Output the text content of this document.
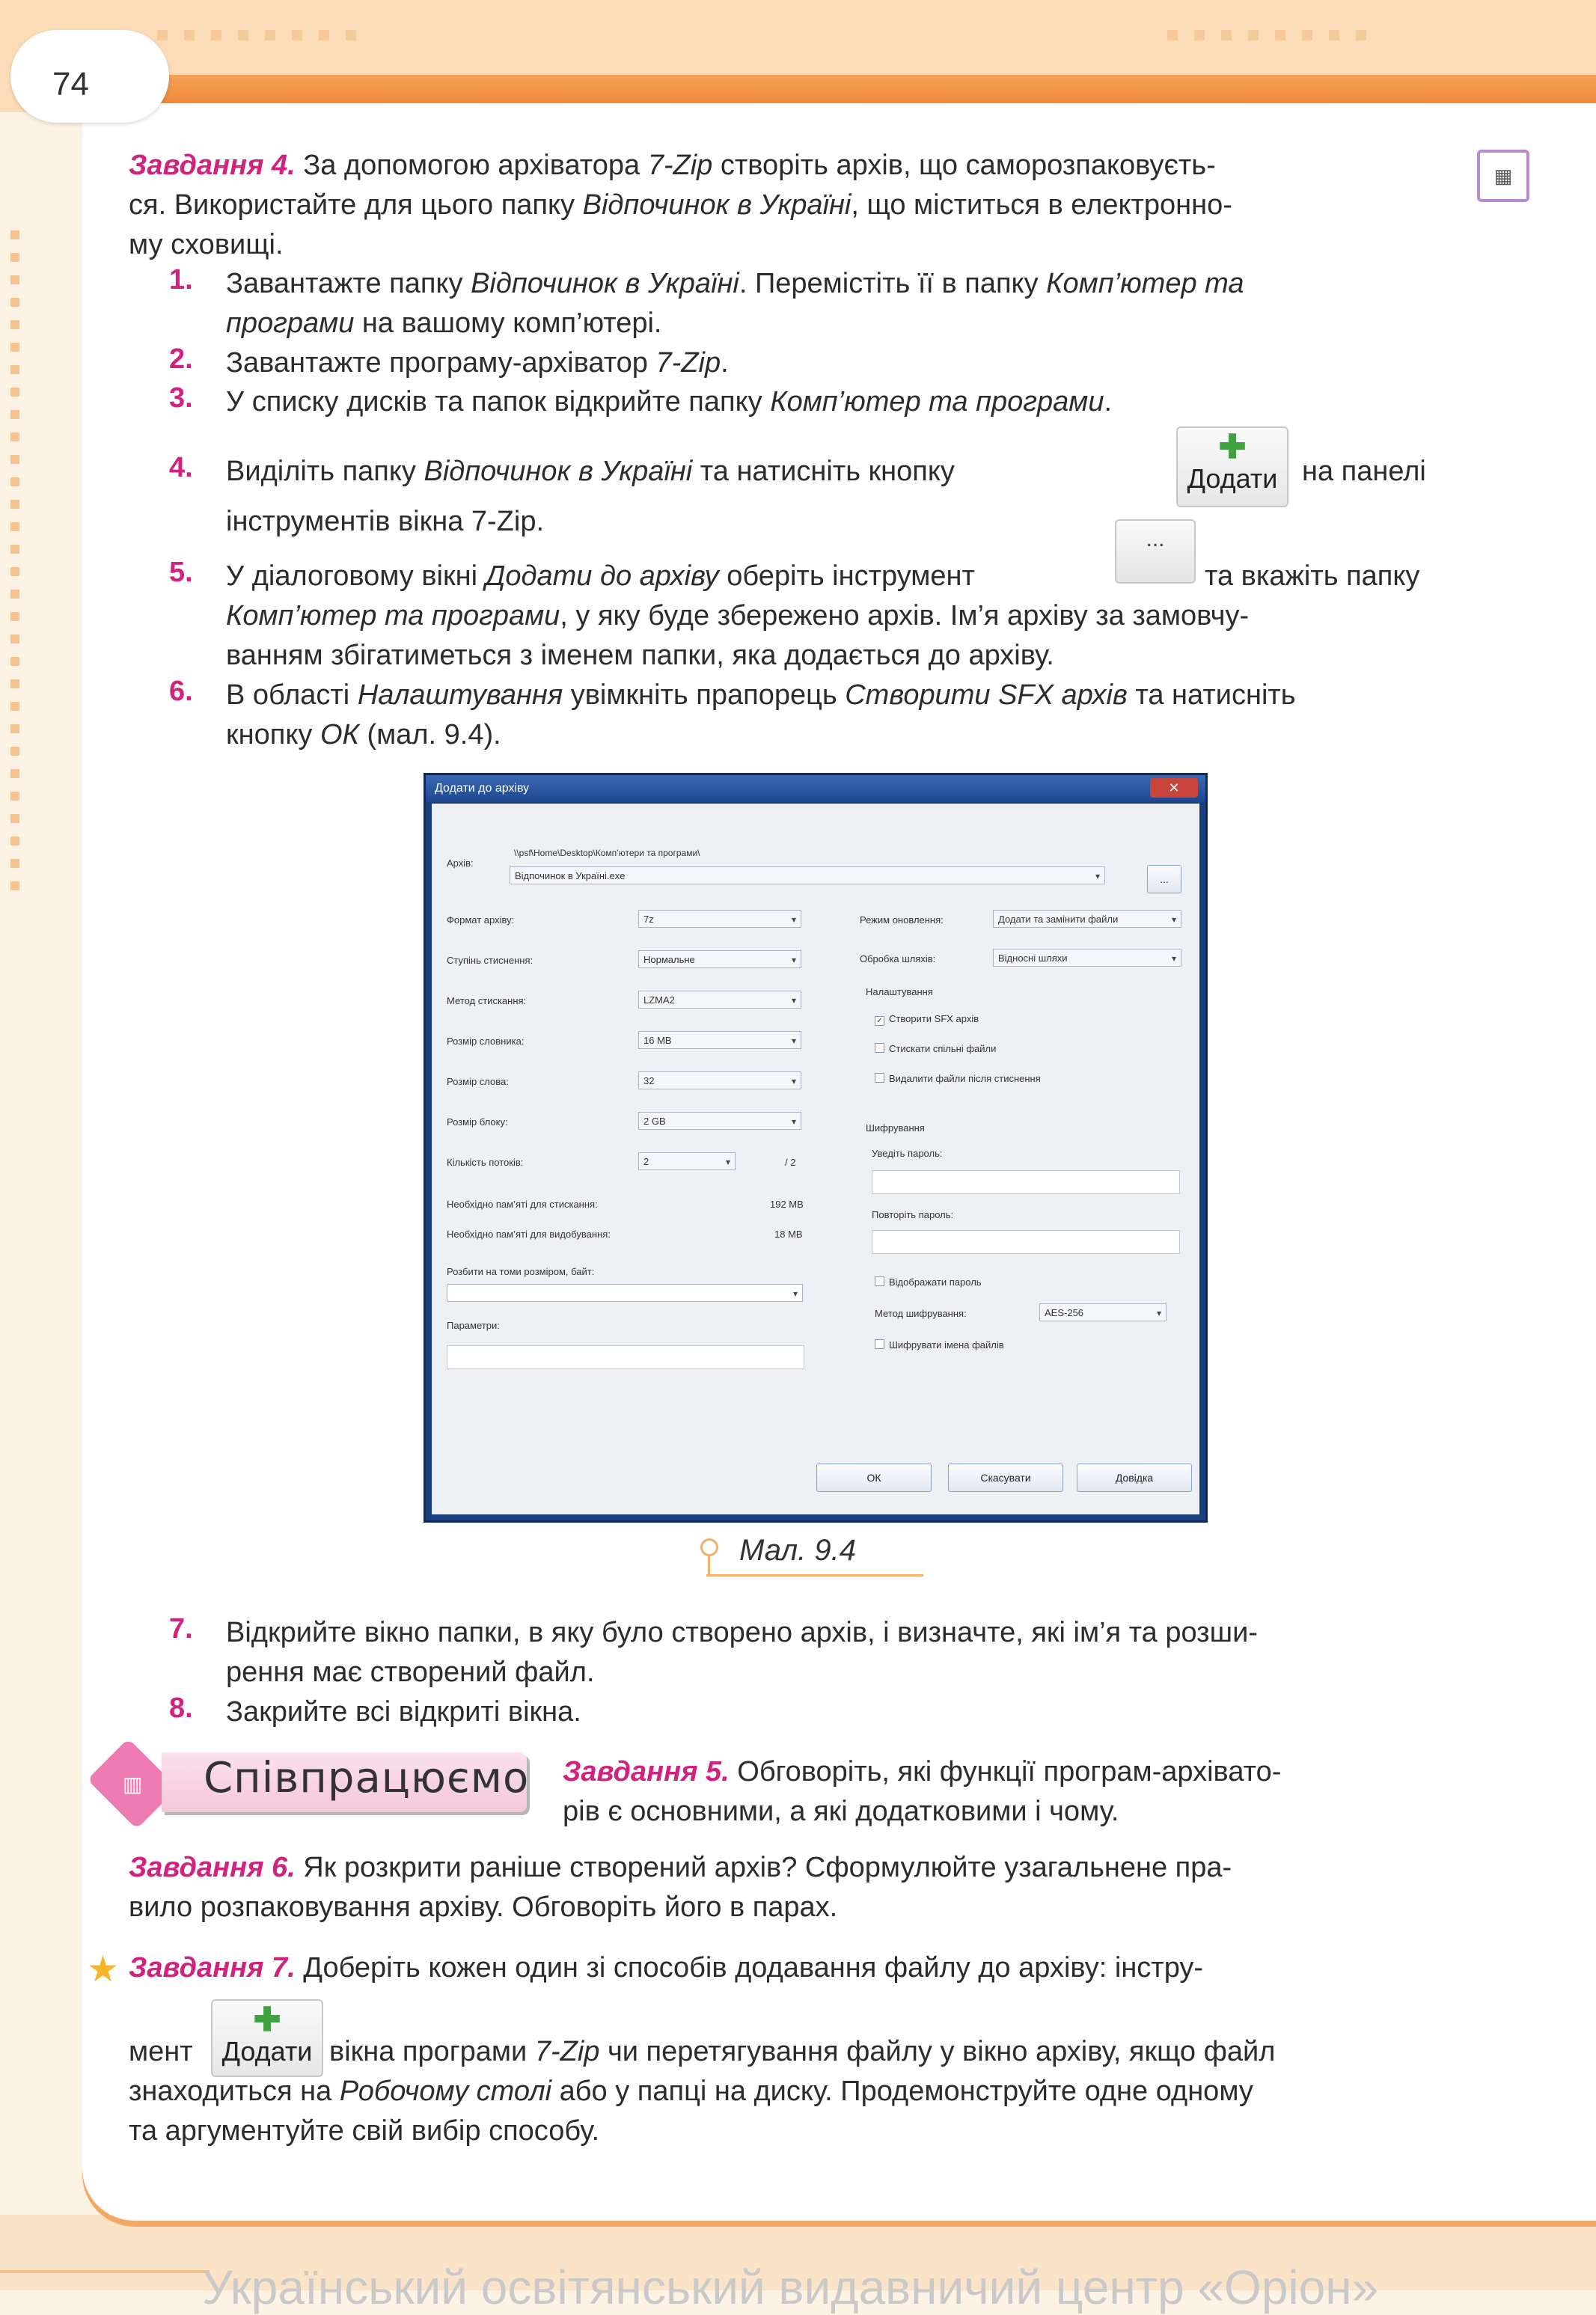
74
▦
Завдання 4. За допомогою архіватора 7-Zip створіть архів, що саморозпаковуєть-
ся. Використайте для цього папку Відпочинок в Україні, що міститься в електронно-
му сховищі.
1. Завантажте папку Відпочинок в Україні. Перемістіть її в папку Комп’ютер та
програми на вашому комп’ютері.
2. Завантажте програму-архіватор 7-Zip.
3. У списку дисків та папок відкрийте папку Комп’ютер та програми.
4. Виділіть папку Відпочинок в Україні та натисніть кнопку
✚
Додати на панелі
інструментів вікна 7-Zip.
5. У діалоговому вікні Додати до архіву оберіть інструмент
...
та вкажіть папку
Комп’ютер та програми, у яку буде збережено архів. Ім’я архіву за замовчу-
ванням збігатиметься з іменем папки, яка додається до архіву.
6. В області Налаштування увімкніть прапорець Створити SFX архів та натисніть
кнопку ОК (мал. 9.4).
Додати до архіву	✕
Архів:
\\psf\Home\Desktop\Комп’ютери та програми\
Відпочинок в Україні.exe ▾	...
Формат архіву:	7z ▾
Ступінь стиснення:	Нормальне ▾
Метод стискання:	LZMA2 ▾
Розмір словника:	16 MB ▾
Розмір слова:	32 ▾
Розмір блоку:	2 GB ▾
Кількість потоків:	2 ▾	/ 2
Необхідно пам’яті для стискання:	192 MB
Необхідно пам’яті для видобування:	18 MB
Розбити на томи розміром, байт:
▾
Параметри:
Режим оновлення:	Додати та замінити файли ▾
Обробка шляхів:	Відносні шляхи ▾
Налаштування
✓ Створити SFX архів
Стискати спільні файли
Видалити файли після стиснення
Шифрування
Уведіть пароль:
Повторіть пароль:
Відображати пароль
Метод шифрування:	AES-256 ▾
Шифрувати імена файлів
ОК	Скасувати	Довідка
Мал. 9.4
7. Відкрийте вікно папки, в яку було створено архів, і визначте, які ім’я та розши-
рення має створений файл.
8. Закрийте всі відкриті вікна.
▥ Співпрацюємо Завдання 5. Обговоріть, які функції програм-архівато-
рів є основними, а які додатковими і чому.
Завдання 6. Як розкрити раніше створений архів? Сформулюйте узагальнене пра-
вило розпаковування архіву. Обговоріть його в парах.
★ Завдання 7. Доберіть кожен один зі способів додавання файлу до архіву: інстру-
мент
✚
Додати вікна програми 7-Zip чи перетягування файлу у вікно архіву, якщо файл
знаходиться на Робочому столі або у папці на диску. Продемонструйте одне одному
та аргументуйте свій вибір способу.
Український освітянський видавничий центр «Оріон»
